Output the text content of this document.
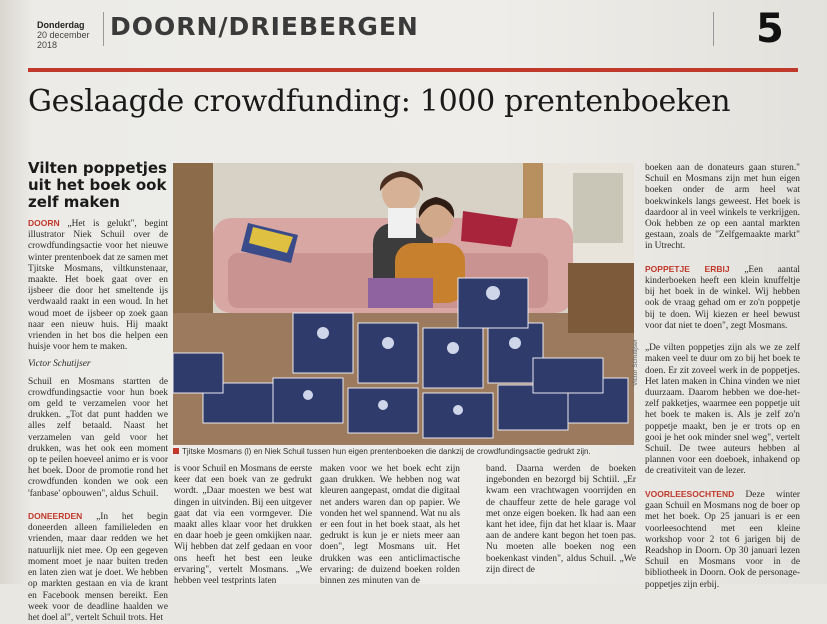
Donderdag
20 december 2018
DOORN/DRIEBERGEN	5
Geslaagde crowdfunding: 1000 prentenboeken
Vilten poppetjes uit het boek ook zelf maken
DOORN „Het is gelukt", begint illustrator Niek Schuil over de crowdfundingsactie voor het nieuwe winter prentenboek dat ze samen met Tjitske Mosmans, viltkunstenaar, maakte. Het boek gaat over en ijsbeer die door het smeltende ijs verdwaald raakt in een woud. In het woud moet de ijsbeer op zoek gaan naar een nieuw huis. Hij maakt vrienden in het bos die helpen een huisje voor hem te maken.
Victor Schutijser
Schuil en Mosmans startten de crowdfundingsactie voor hun boek om geld te verzamelen voor het drukken. „Tot dat punt hadden we alles zelf betaald. Naast het verzamelen van geld voor het drukken, was het ook een moment op te peilen hoeveel animo er is voor het boek. Door de promotie rond het crowdfunden konden we ook een 'fanbase' opbouwen", aldus Schuil.

DONEERDEN „In het begin doneerden alleen familieleden en vrienden, maar daar redden we het natuurlijk niet mee. Op een gegeven moment moet je naar buiten treden en laten zien wat je doet. We hebben op markten gestaan en via de krant en Facebook mensen bereikt. Een week voor de deadline haalden we het doel al", vertelt Schuil trots. Het
Victor Schutijser
Tjitske Mosmans (l) en Niek Schuil tussen hun eigen prentenboeken die dankzij de crowdfundingsactie gedrukt zijn.
is voor Schuil en Mosmans de eerste keer dat een boek van ze gedrukt wordt. „Daar moesten we best wat dingen in uitvinden. Bij een uitgever gaat dat via een vormgever. Die maakt alles klaar voor het drukken en daar hoeb je geen omkijken naar. Wij hebben dat zelf gedaan en voor ons heeft het best een leuke ervaring", vertelt Mosmans. „We hebben veel testprints laten
maken voor we het boek echt zijn gaan drukken. We hebben nog wat kleuren aangepast, omdat die digitaal net anders waren dan op papier. We vonden het wel spannend. Wat nu als er een fout in het boek staat, als het gedrukt is kun je er niets meer aan doen", legt Mosmans uit. Het drukken was een anticlimactische ervaring: de duizend boeken rolden binnen zes minuten van de
band. Daarna werden de boeken ingebonden en bezorgd bij Schtiil. „Er kwam een vrachtwagen voorrijden en de chauffeur zette de hele garage vol met onze eigen boeken. Ik had aan een kant het idee, fijn dat het klaar is. Maar aan de andere kant begon het toen pas. Nu moeten alle boeken nog een boekenkast vinden", aldus Schuil. „We zijn direct de
boeken aan de donateurs gaan sturen." Schuil en Mosmans zijn met hun eigen boeken onder de arm heel wat boekwinkels langs geweest. Het boek is daardoor al in veel winkels te verkrijgen. Ook hebben ze op een aantal markten gestaan, zoals de "Zelfgemaakte markt" in Utrecht.

POPPETJE ERBIJ „Een aantal kinderboeken heeft een klein knuffeltje bij het boek in de winkel. Wij hebben ook de vraag gehad om er zo'n poppetje bij te doen. Wij kiezen er heel bewust voor dat niet te doen", zegt Mosmans.

„De vilten poppetjes zijn als we ze zelf maken veel te duur om zo bij het boek te doen. Er zit zoveel werk in de poppetjes. Het laten maken in China vinden we niet duurzaam. Daarom hebben we doe-het-zelf pakketjes, waarmee een poppetje uit het boek te maken is. Als je zelf zo'n poppetje maakt, ben je er trots op en gooi je het ook minder snel weg", vertelt Schuil. De twee auteurs hebben al plannen voor een doeboek, inhakend op de creativiteit van de lezer.

VOORLEESOCHTEND Deze winter gaan Schuil en Mosmans nog de boer op met het boek. Op 25 januari is er een voorleesochtend met een kleine workshop voor 2 tot 6 jarigen bij de Readshop in Doorn. Op 30 januari lezen Schuil en Mosmans voor in de bibliotheek in Doorn. Ook de personage-poppetjes zijn erbij.
